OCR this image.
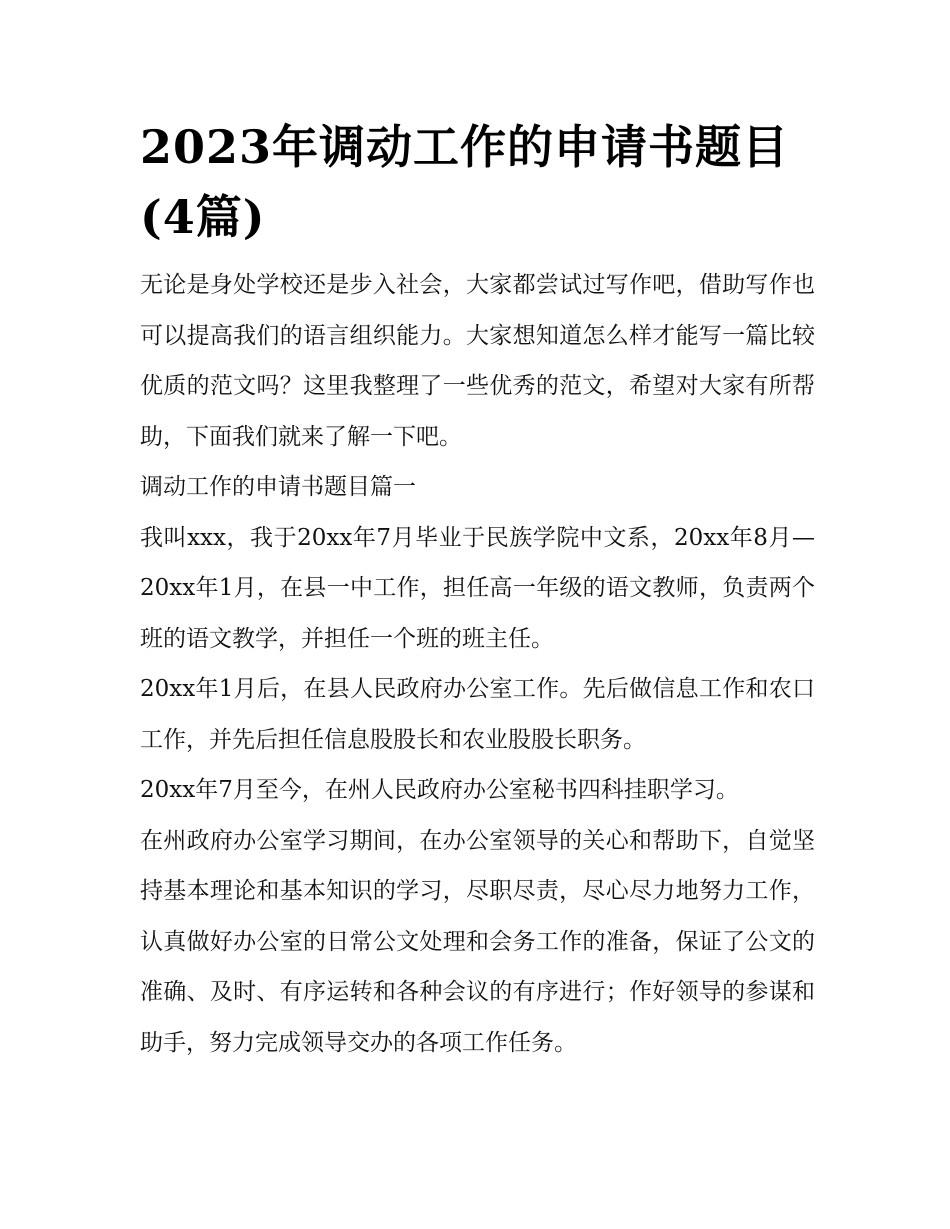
2023年调动工作的申请书题目(4篇)

无论是身处学校还是步入社会，大家都尝试过写作吧，借助写作也可以提高我们的语言组织能力。大家想知道怎么样才能写一篇比较优质的范文吗？这里我整理了一些优秀的范文，希望对大家有所帮助，下面我们就来了解一下吧。

调动工作的申请书题目篇一

我叫xxx，我于20xx年7月毕业于民族学院中文系，20xx年8月—20xx年1月，在县一中工作，担任高一年级的语文教师，负责两个班的语文教学，并担任一个班的班主任。

20xx年1月后，在县人民政府办公室工作。先后做信息工作和农口工作，并先后担任信息股股长和农业股股长职务。

20xx年7月至今，在州人民政府办公室秘书四科挂职学习。

在州政府办公室学习期间，在办公室领导的关心和帮助下，自觉坚持基本理论和基本知识的学习，尽职尽责，尽心尽力地努力工作，认真做好办公室的日常公文处理和会务工作的准备，保证了公文的准确、及时、有序运转和各种会议的有序进行；作好领导的参谋和助手，努力完成领导交办的各项工作任务。
